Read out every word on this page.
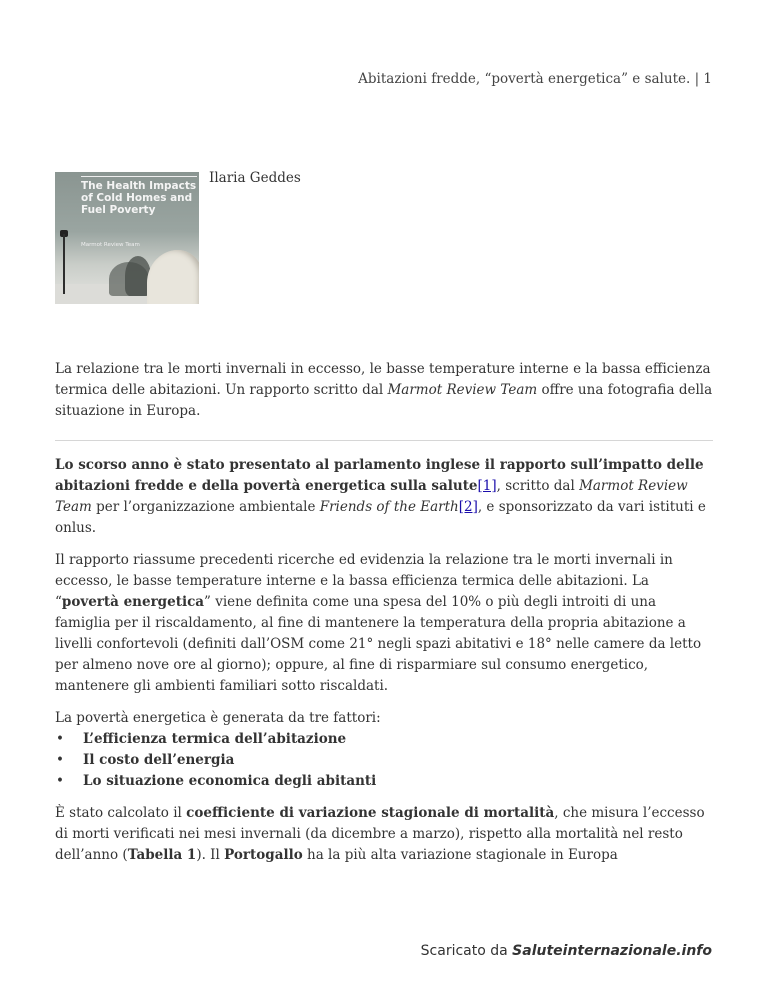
Abitazioni fredde, “povertà energetica” e salute. | 1
The Health Impacts of Cold Homes and Fuel Poverty
Marmot Review Team
Ilaria Geddes

La relazione tra le morti invernali in eccesso, le basse temperature interne e la bassa efficienza termica delle abitazioni. Un rapporto scritto dal Marmot Review Team offre una fotografia della situazione in Europa.

Lo scorso anno è stato presentato al parlamento inglese il rapporto sull’impatto delle abitazioni fredde e della povertà energetica sulla salute[1], scritto dal Marmot Review Team per l’organizzazione ambientale Friends of the Earth[2], e sponsorizzato da vari istituti e onlus.

Il rapporto riassume precedenti ricerche ed evidenzia la relazione tra le morti invernali in eccesso, le basse temperature interne e la bassa efficienza termica delle abitazioni. La “povertà energetica” viene definita come una spesa del 10% o più degli introiti di una famiglia per il riscaldamento, al fine di mantenere la temperatura della propria abitazione a livelli confortevoli (definiti dall’OSM come 21° negli spazi abitativi e 18° nelle camere da letto per almeno nove ore al giorno); oppure, al fine di risparmiare sul consumo energetico, mantenere gli ambienti familiari sotto riscaldati.

La povertà energetica è generata da tre fattori:

• L’efficienza termica dell’abitazione
• Il costo dell’energia
• Lo situazione economica degli abitanti

È stato calcolato il coefficiente di variazione stagionale di mortalità, che misura l’eccesso di morti verificati nei mesi invernali (da dicembre a marzo), rispetto alla mortalità nel resto dell’anno (Tabella 1). Il Portogallo ha la più alta variazione stagionale in Europa

Scaricato da Saluteinternazionale.info
